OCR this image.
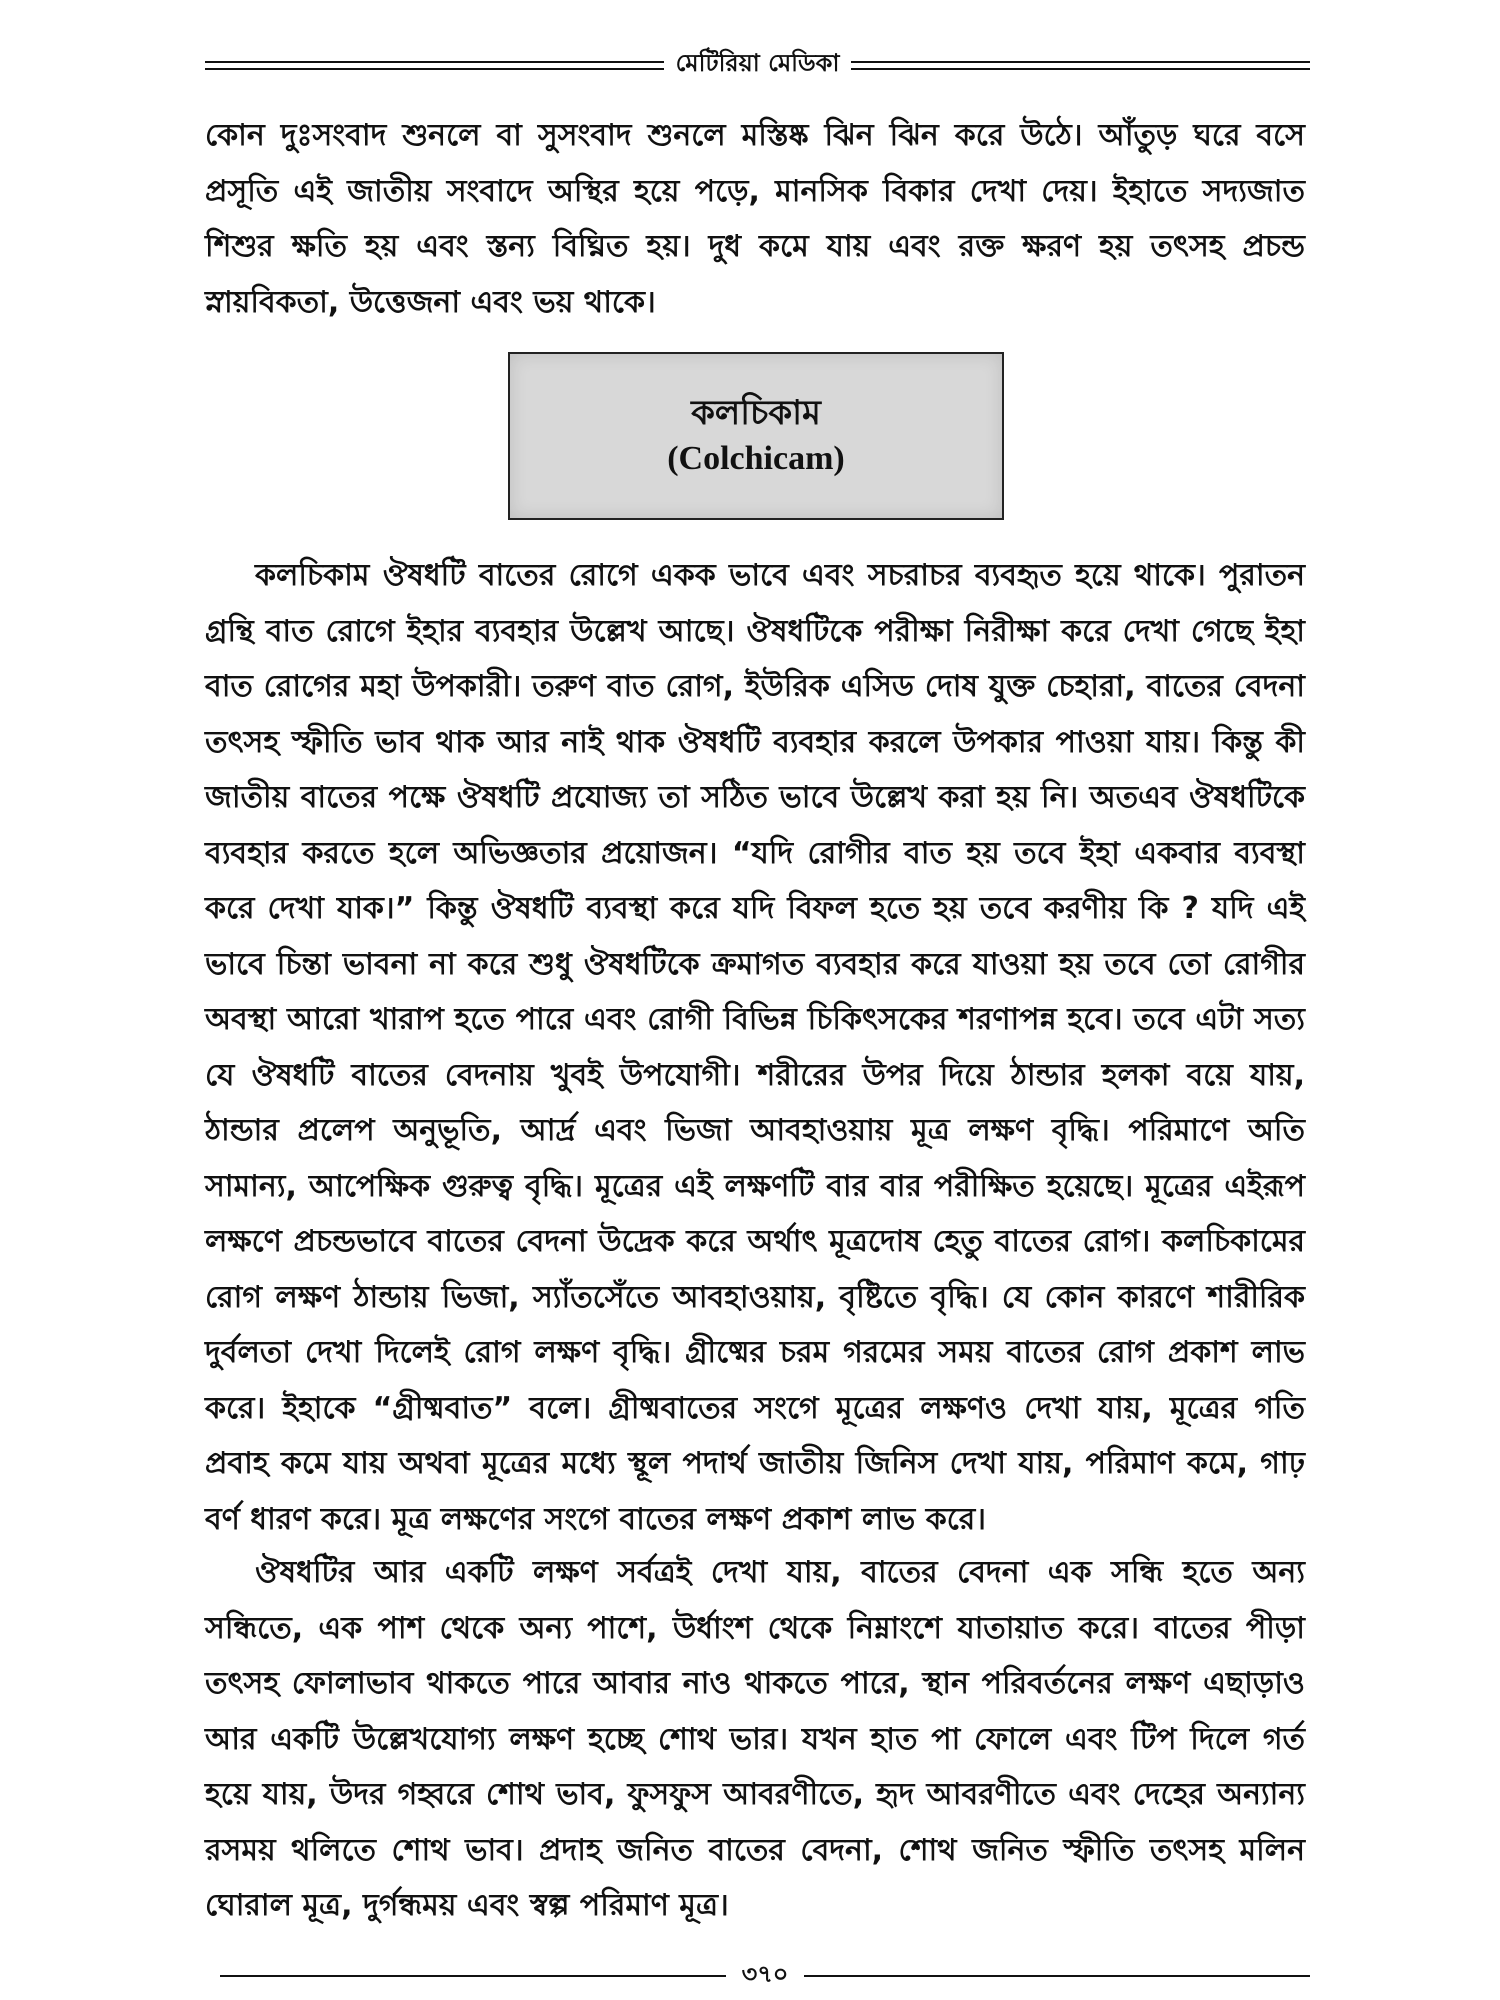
মেটিরিয়া মেডিকা

কোন দুঃসংবাদ শুনলে বা সুসংবাদ শুনলে মস্তিষ্ক ঝিন ঝিন করে উঠে। আঁতুড় ঘরে বসে প্রসূতি এই জাতীয় সংবাদে অস্থির হয়ে পড়ে, মানসিক বিকার দেখা দেয়। ইহাতে সদ্যজাত শিশুর ক্ষতি হয় এবং স্তন্য বিঘ্নিত হয়। দুধ কমে যায় এবং রক্ত ক্ষরণ হয় তৎসহ প্রচন্ড স্নায়বিকতা, উত্তেজনা এবং ভয় থাকে।

কলচিকাম
(Colchicam)

কলচিকাম ঔষধটি বাতের রোগে একক ভাবে এবং সচরাচর ব্যবহৃত হয়ে থাকে। পুরাতন গ্রন্থি বাত রোগে ইহার ব্যবহার উল্লেখ আছে। ঔষধটিকে পরীক্ষা নিরীক্ষা করে দেখা গেছে ইহা বাত রোগের মহা উপকারী। তরুণ বাত রোগ, ইউরিক এসিড দোষ যুক্ত চেহারা, বাতের বেদনা তৎসহ স্ফীতি ভাব থাক আর নাই থাক ঔষধটি ব্যবহার করলে উপকার পাওয়া যায়। কিন্তু কী জাতীয় বাতের পক্ষে ঔষধটি প্রযোজ্য তা সঠিত ভাবে উল্লেখ করা হয় নি। অতএব ঔষধটিকে ব্যবহার করতে হলে অভিজ্ঞতার প্রয়োজন। “যদি রোগীর বাত হয় তবে ইহা একবার ব্যবস্থা করে দেখা যাক।” কিন্তু ঔষধটি ব্যবস্থা করে যদি বিফল হতে হয় তবে করণীয় কি ? যদি এই ভাবে চিন্তা ভাবনা না করে শুধু ঔষধটিকে ক্রমাগত ব্যবহার করে যাওয়া হয় তবে তো রোগীর অবস্থা আরো খারাপ হতে পারে এবং রোগী বিভিন্ন চিকিৎসকের শরণাপন্ন হবে। তবে এটা সত্য যে ঔষধটি বাতের বেদনায় খুবই উপযোগী। শরীরের উপর দিয়ে ঠান্ডার হলকা বয়ে যায়, ঠান্ডার প্রলেপ অনুভূতি, আর্দ্র এবং ভিজা আবহাওয়ায় মূত্র লক্ষণ বৃদ্ধি। পরিমাণে অতি সামান্য, আপেক্ষিক গুরুত্ব বৃদ্ধি। মূত্রের এই লক্ষণটি বার বার পরীক্ষিত হয়েছে। মূত্রের এইরূপ লক্ষণে প্রচন্ডভাবে বাতের বেদনা উদ্রেক করে অর্থাৎ মূত্রদোষ হেতু বাতের রোগ। কলচিকামের রোগ লক্ষণ ঠান্ডায় ভিজা, স্যাঁতসেঁতে আবহাওয়ায়, বৃষ্টিতে বৃদ্ধি। যে কোন কারণে শারীরিক দুর্বলতা দেখা দিলেই রোগ লক্ষণ বৃদ্ধি। গ্রীষ্মের চরম গরমের সময় বাতের রোগ প্রকাশ লাভ করে। ইহাকে “গ্রীষ্মবাত” বলে। গ্রীষ্মবাতের সংগে মূত্রের লক্ষণও দেখা যায়, মূত্রের গতি প্রবাহ কমে যায় অথবা মূত্রের মধ্যে স্থূল পদার্থ জাতীয় জিনিস দেখা যায়, পরিমাণ কমে, গাঢ় বর্ণ ধারণ করে। মূত্র লক্ষণের সংগে বাতের লক্ষণ প্রকাশ লাভ করে।

ঔষধটির আর একটি লক্ষণ সর্বত্রই দেখা যায়, বাতের বেদনা এক সন্ধি হতে অন্য সন্ধিতে, এক পাশ থেকে অন্য পাশে, উর্ধাংশ থেকে নিম্নাংশে যাতায়াত করে। বাতের পীড়া তৎসহ ফোলাভাব থাকতে পারে আবার নাও থাকতে পারে, স্থান পরিবর্তনের লক্ষণ এছাড়াও আর একটি উল্লেখযোগ্য লক্ষণ হচ্ছে শোথ ভার। যখন হাত পা ফোলে এবং টিপ দিলে গর্ত হয়ে যায়, উদর গহ্বরে শোথ ভাব, ফুসফুস আবরণীতে, হৃদ আবরণীতে এবং দেহের অন্যান্য রসময় থলিতে শোথ ভাব। প্রদাহ জনিত বাতের বেদনা, শোথ জনিত স্ফীতি তৎসহ মলিন ঘোরাল মূত্র, দুর্গন্ধময় এবং স্বল্প পরিমাণ মূত্র।

৩৭০
